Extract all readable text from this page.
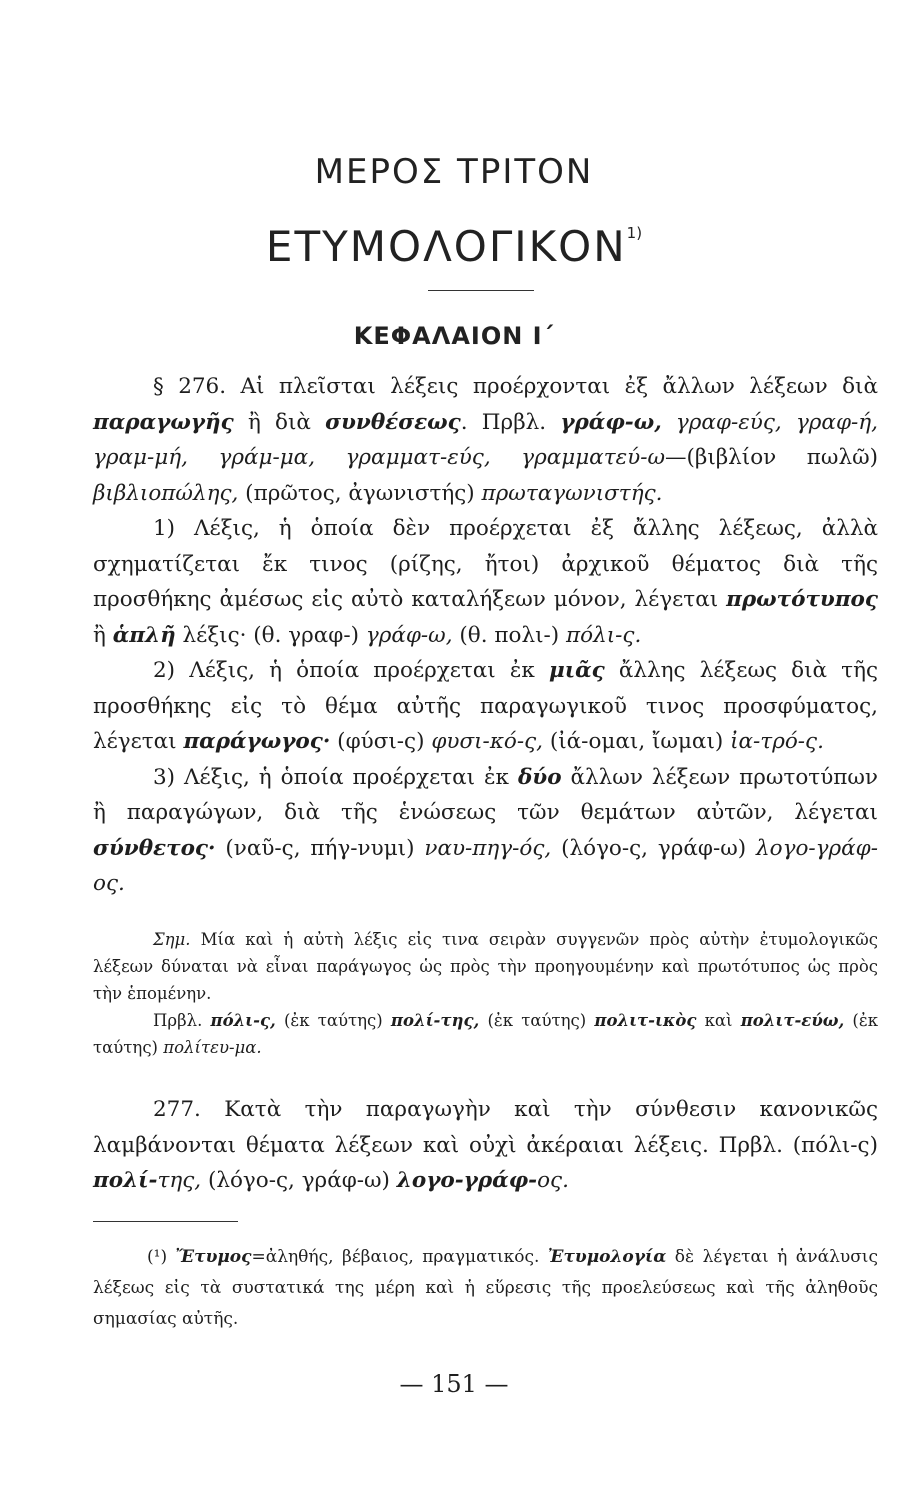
ΜΕΡΟΣ ΤΡΙΤΟΝ
ΕΤΥΜΟΛΟΓΙΚΟΝ$^{1)}$
ΚΕΦΑΛΑΙΟΝ Ι΄

§ 276. Αἱ πλεῖσται λέξεις προέρχονται ἐξ ἄλλων λέξεων διὰ παραγωγῆς ἢ διὰ συνθέσεως. Πρβλ. γράφ-ω, γραφ-εύς, γραφ-ή, γραμ-μή, γράμ-μα, γραμματ-εύς, γραμματεύ-ω—(βιβλίον πωλῶ) βιβλιοπώλης, (πρῶτος, ἀγωνιστής) πρωταγωνιστής.

1) Λέξις, ἡ ὁποία δὲν προέρχεται ἐξ ἄλλης λέξεως, ἀλλὰ σχηματίζεται ἔκ τινος (ρίζης, ἤτοι) ἀρχικοῦ θέματος διὰ τῆς προσθήκης ἀμέσως εἰς αὐτὸ καταλήξεων μόνον, λέγεται πρωτότυπος ἢ ἁπλῆ λέξις· (θ. γραφ-) γράφ-ω, (θ. πολι-) πόλι-ς.

2) Λέξις, ἡ ὁποία προέρχεται ἐκ μιᾶς ἄλλης λέξεως διὰ τῆς προσθήκης εἰς τὸ θέμα αὐτῆς παραγωγικοῦ τινος προσφύματος, λέγεται παράγωγος· (φύσι-ς) φυσι-κό-ς, (ἰά-ομαι, ἴωμαι) ἰα-τρό-ς.

3) Λέξις, ἡ ὁποία προέρχεται ἐκ δύο ἄλλων λέξεων πρωτοτύπων ἢ παραγώγων, διὰ τῆς ἑνώσεως τῶν θεμάτων αὐτῶν, λέγεται σύνθετος· (ναῦ-ς, πήγ-νυμι) ναυ-πηγ-ός, (λόγο-ς, γράφ-ω) λογο-γράφ-ος.

Σημ. Μία καὶ ἡ αὐτὴ λέξις εἰς τινα σειρὰν συγγενῶν πρὸς αὐτὴν ἐτυμολογικῶς λέξεων δύναται νὰ εἶναι παράγωγος ὡς πρὸς τὴν προηγουμένην καὶ πρωτότυπος ὡς πρὸς τὴν ἑπομένην.

Πρβλ. πόλι-ς, (ἐκ ταύτης) πολί-της, (ἐκ ταύτης) πολιτ-ικὸς καὶ πολιτ-εύω, (ἐκ ταύτης) πολίτευ-μα.

277. Κατὰ τὴν παραγωγὴν καὶ τὴν σύνθεσιν κανονικῶς λαμβάνονται θέματα λέξεων καὶ οὐχὶ ἀκέραιαι λέξεις. Πρβλ. (πόλι-ς) πολί-της, (λόγο-ς, γράφ-ω) λογο-γράφ-ος.

(¹) Ἔτυμος=ἀληθής, βέβαιος, πραγματικός. Ἐτυμολογία δὲ λέγεται ἡ ἀνάλυσις λέξεως εἰς τὰ συστατικά της μέρη καὶ ἡ εὕρεσις τῆς προελεύσεως καὶ τῆς ἀληθοῦς σημασίας αὐτῆς.

— 151 —
